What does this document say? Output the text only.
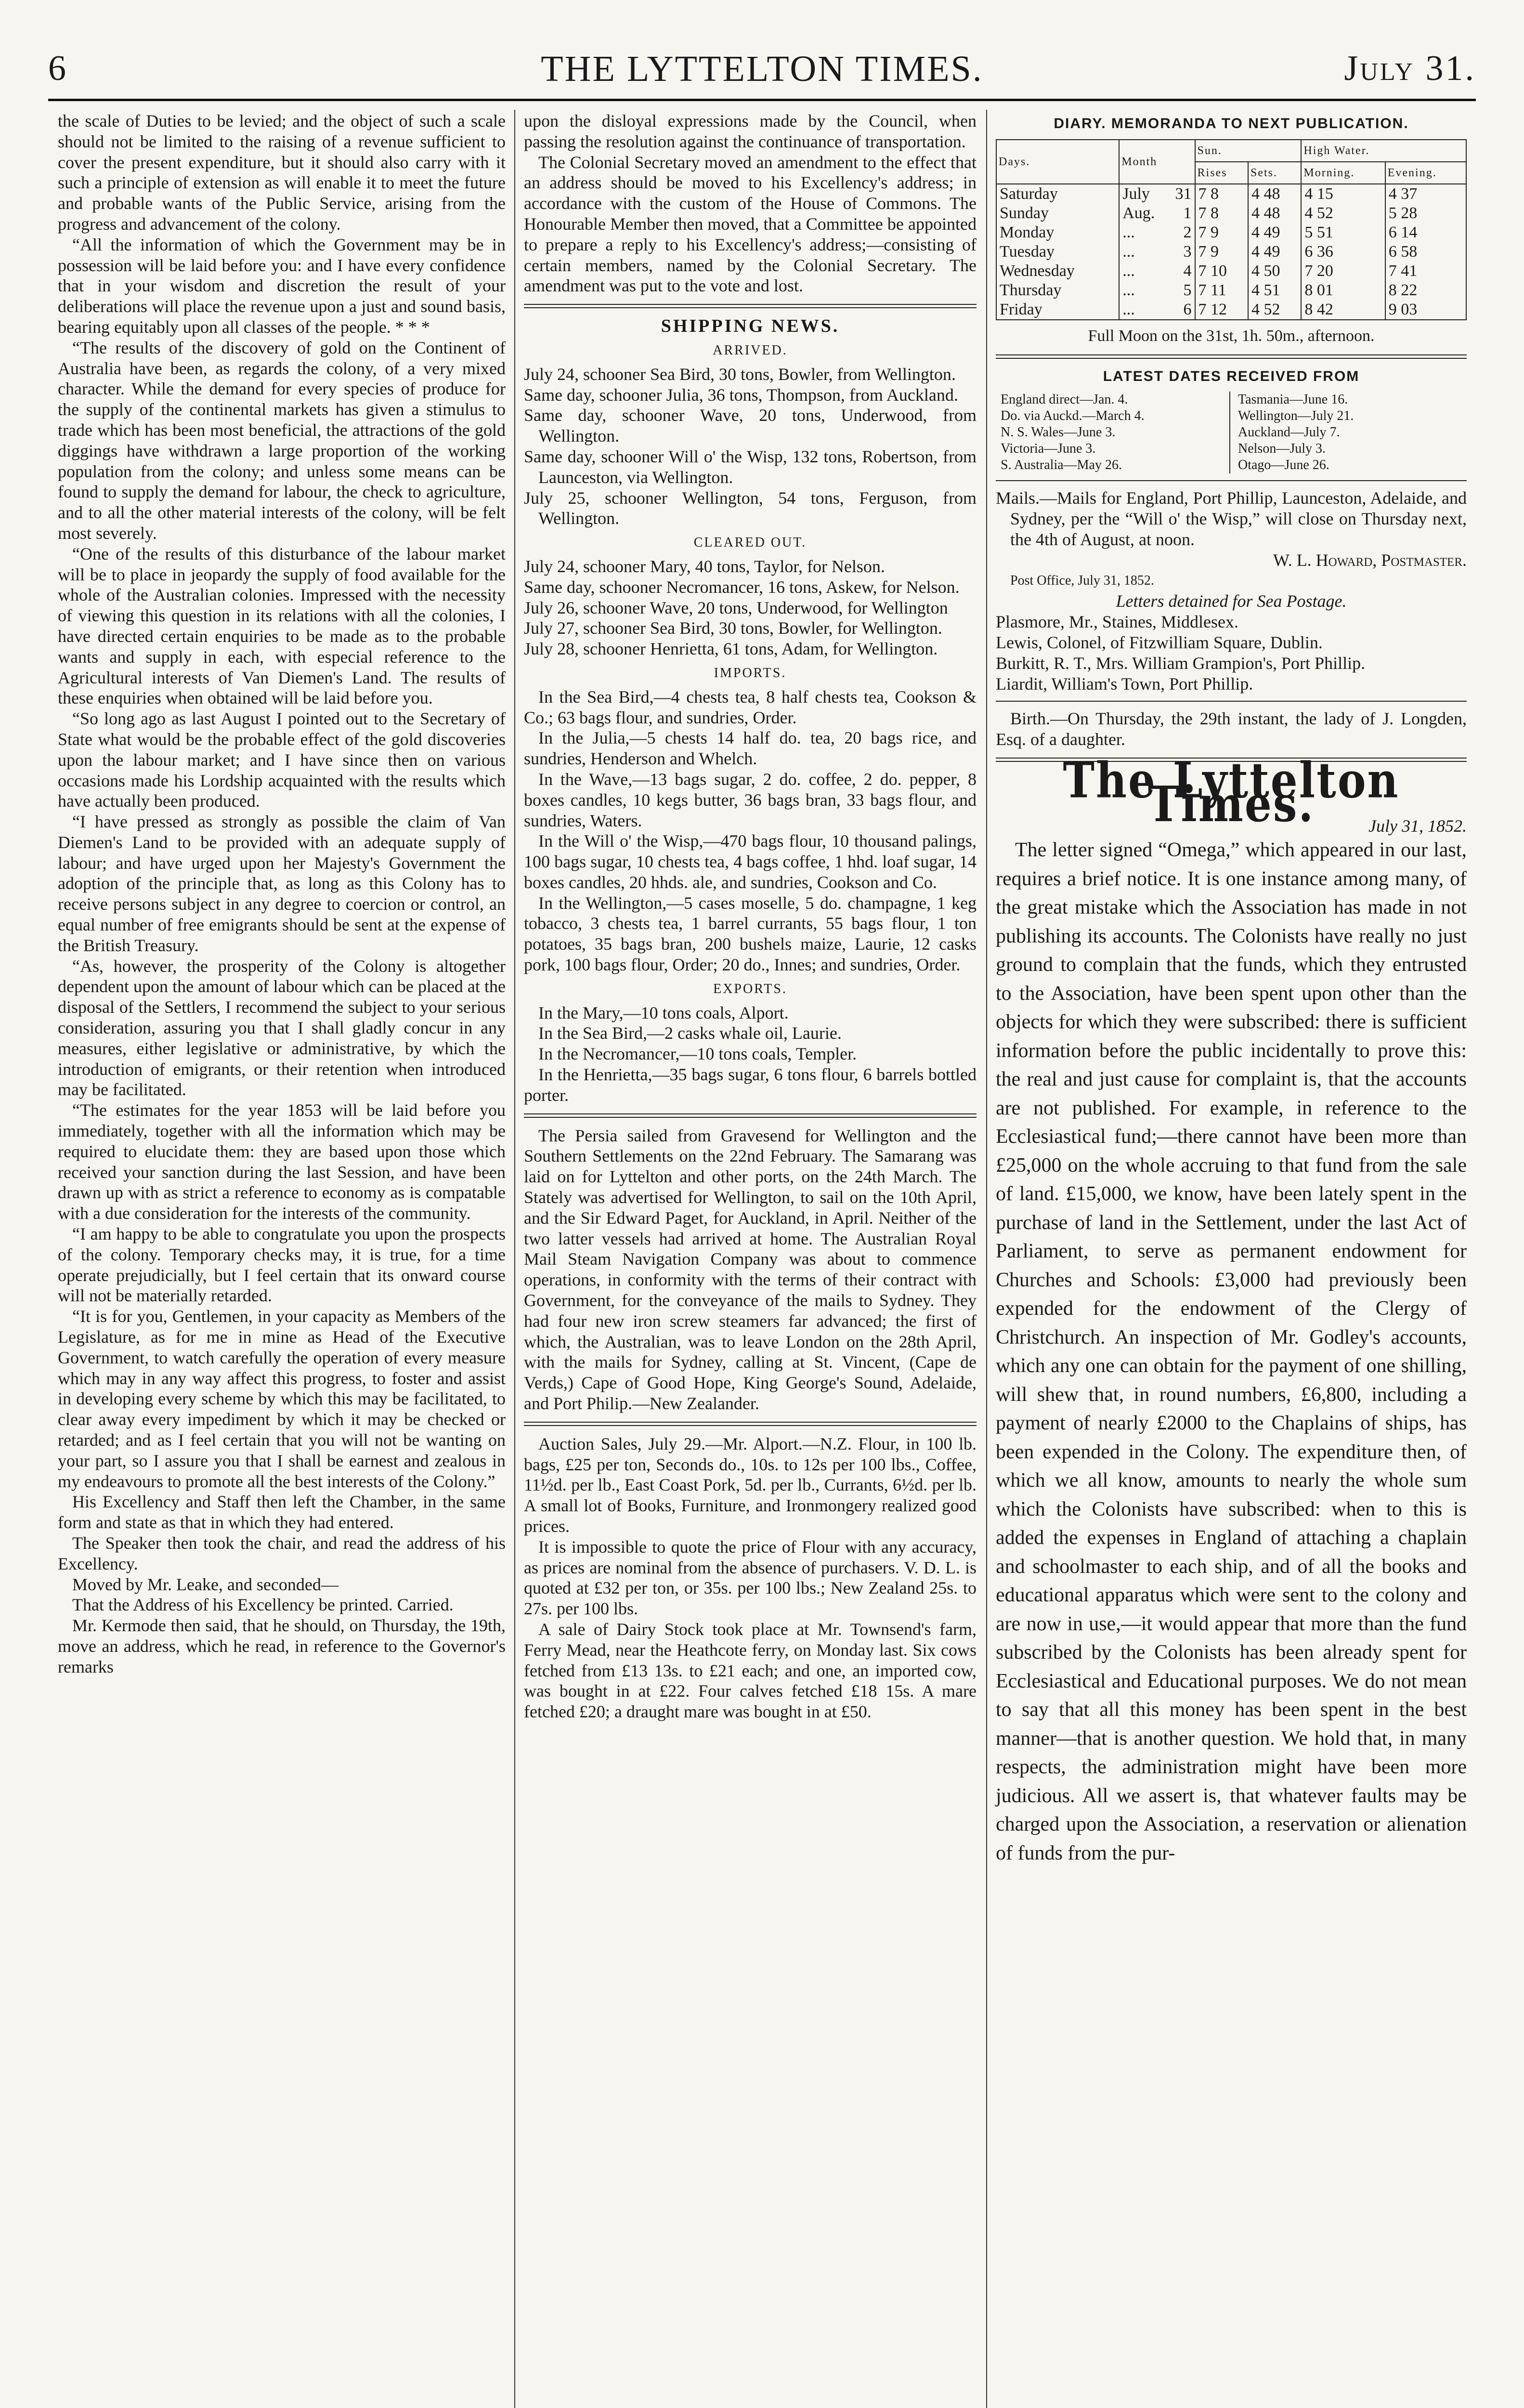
6	THE LYTTELTON TIMES.	July 31.

the scale of Duties to be levied; and the object of such a scale should not be limited to the raising of a revenue sufficient to cover the present expenditure, but it should also carry with it such a principle of extension as will enable it to meet the future and probable wants of the Public Service, arising from the progress and advancement of the colony.

“All the information of which the Government may be in possession will be laid before you: and I have every confidence that in your wisdom and discretion the result of your deliberations will place the revenue upon a just and sound basis, bearing equitably upon all classes of the people. * * *

“The results of the discovery of gold on the Continent of Australia have been, as regards the colony, of a very mixed character. While the demand for every species of produce for the supply of the continental markets has given a stimulus to trade which has been most beneficial, the attractions of the gold diggings have withdrawn a large proportion of the working population from the colony; and unless some means can be found to supply the demand for labour, the check to agriculture, and to all the other material interests of the colony, will be felt most severely.

“One of the results of this disturbance of the labour market will be to place in jeopardy the supply of food available for the whole of the Australian colonies. Impressed with the necessity of viewing this question in its relations with all the colonies, I have directed certain enquiries to be made as to the probable wants and supply in each, with especial reference to the Agricultural interests of Van Diemen's Land. The results of these enquiries when obtained will be laid before you.

“So long ago as last August I pointed out to the Secretary of State what would be the probable effect of the gold discoveries upon the labour market; and I have since then on various occasions made his Lordship acquainted with the results which have actually been produced.

“I have pressed as strongly as possible the claim of Van Diemen's Land to be provided with an adequate supply of labour; and have urged upon her Majesty's Government the adoption of the principle that, as long as this Colony has to receive persons subject in any degree to coercion or control, an equal number of free emigrants should be sent at the expense of the British Treasury.

“As, however, the prosperity of the Colony is altogether dependent upon the amount of labour which can be placed at the disposal of the Settlers, I recommend the subject to your serious consideration, assuring you that I shall gladly concur in any measures, either legislative or administrative, by which the introduction of emigrants, or their retention when introduced may be facilitated.

“The estimates for the year 1853 will be laid before you immediately, together with all the information which may be required to elucidate them: they are based upon those which received your sanction during the last Session, and have been drawn up with as strict a reference to economy as is compatable with a due consideration for the interests of the community.

“I am happy to be able to congratulate you upon the prospects of the colony. Temporary checks may, it is true, for a time operate prejudicially, but I feel certain that its onward course will not be materially retarded.

“It is for you, Gentlemen, in your capacity as Members of the Legislature, as for me in mine as Head of the Executive Government, to watch carefully the operation of every measure which may in any way affect this progress, to foster and assist in developing every scheme by which this may be facilitated, to clear away every impediment by which it may be checked or retarded; and as I feel certain that you will not be wanting on your part, so I assure you that I shall be earnest and zealous in my endeavours to promote all the best interests of the Colony.”

His Excellency and Staff then left the Chamber, in the same form and state as that in which they had entered.

The Speaker then took the chair, and read the address of his Excellency.

Moved by Mr. Leake, and seconded—

That the Address of his Excellency be printed. Carried.

Mr. Kermode then said, that he should, on Thursday, the 19th, move an address, which he read, in reference to the Governor's remarks

upon the disloyal expressions made by the Council, when passing the resolution against the continuance of transportation.

The Colonial Secretary moved an amendment to the effect that an address should be moved to his Excellency's address; in accordance with the custom of the House of Commons. The Honourable Member then moved, that a Committee be appointed to prepare a reply to his Excellency's address;—consisting of certain members, named by the Colonial Secretary. The amendment was put to the vote and lost.

SHIPPING NEWS.
ARRIVED.

July 24, schooner Sea Bird, 30 tons, Bowler, from Wellington.

Same day, schooner Julia, 36 tons, Thompson, from Auckland.

Same day, schooner Wave, 20 tons, Underwood, from Wellington.

Same day, schooner Will o' the Wisp, 132 tons, Robertson, from Launceston, via Wellington.

July 25, schooner Wellington, 54 tons, Ferguson, from Wellington.

CLEARED OUT.

July 24, schooner Mary, 40 tons, Taylor, for Nelson.

Same day, schooner Necromancer, 16 tons, Askew, for Nelson.

July 26, schooner Wave, 20 tons, Underwood, for Wellington

July 27, schooner Sea Bird, 30 tons, Bowler, for Wellington.

July 28, schooner Henrietta, 61 tons, Adam, for Wellington.

IMPORTS.

In the Sea Bird,—4 chests tea, 8 half chests tea, Cookson & Co.; 63 bags flour, and sundries, Order.

In the Julia,—5 chests 14 half do. tea, 20 bags rice, and sundries, Henderson and Whelch.

In the Wave,—13 bags sugar, 2 do. coffee, 2 do. pepper, 8 boxes candles, 10 kegs butter, 36 bags bran, 33 bags flour, and sundries, Waters.

In the Will o' the Wisp,—470 bags flour, 10 thousand palings, 100 bags sugar, 10 chests tea, 4 bags coffee, 1 hhd. loaf sugar, 14 boxes candles, 20 hhds. ale, and sundries, Cookson and Co.

In the Wellington,—5 cases moselle, 5 do. champagne, 1 keg tobacco, 3 chests tea, 1 barrel currants, 55 bags flour, 1 ton potatoes, 35 bags bran, 200 bushels maize, Laurie, 12 casks pork, 100 bags flour, Order; 20 do., Innes; and sundries, Order.

EXPORTS.

In the Mary,—10 tons coals, Alport.

In the Sea Bird,—2 casks whale oil, Laurie.

In the Necromancer,—10 tons coals, Templer.

In the Henrietta,—35 bags sugar, 6 tons flour, 6 barrels bottled porter.

The Persia sailed from Gravesend for Wellington and the Southern Settlements on the 22nd February. The Samarang was laid on for Lyttelton and other ports, on the 24th March. The Stately was advertised for Wellington, to sail on the 10th April, and the Sir Edward Paget, for Auckland, in April. Neither of the two latter vessels had arrived at home. The Australian Royal Mail Steam Navigation Company was about to commence operations, in conformity with the terms of their contract with Government, for the conveyance of the mails to Sydney. They had four new iron screw steamers far advanced; the first of which, the Australian, was to leave London on the 28th April, with the mails for Sydney, calling at St. Vincent, (Cape de Verds,) Cape of Good Hope, King George's Sound, Adelaide, and Port Philip.—New Zealander.

Auction Sales, July 29.—Mr. Alport.—N.Z. Flour, in 100 lb. bags, £25 per ton, Seconds do., 10s. to 12s per 100 lbs., Coffee, 11½d. per lb., East Coast Pork, 5d. per lb., Currants, 6½d. per lb. A small lot of Books, Furniture, and Ironmongery realized good prices.

It is impossible to quote the price of Flour with any accuracy, as prices are nominal from the absence of purchasers. V. D. L. is quoted at £32 per ton, or 35s. per 100 lbs.; New Zealand 25s. to 27s. per 100 lbs.

A sale of Dairy Stock took place at Mr. Townsend's farm, Ferry Mead, near the Heathcote ferry, on Monday last. Six cows fetched from £13 13s. to £21 each; and one, an imported cow, was bought in at £22. Four calves fetched £18 15s. A mare fetched £20; a draught mare was bought in at £50.

DIARY. MEMORANDA TO NEXT PUBLICATION.
Days.	Month	Sun.		High Water.	
		Rises	Sets.	Morning.	Evening.
Saturday	July 31	7 8	4 48	4 15	4 37
Sunday	Aug. 1	7 8	4 48	4 52	5 28
Monday	... 2	7 9	4 49	5 51	6 14
Tuesday	... 3	7 9	4 49	6 36	6 58
Wednesday	... 4	7 10	4 50	7 20	7 41
Thursday	... 5	7 11	4 51	8 01	8 22
Friday	... 6	7 12	4 52	8 42	9 03
Full Moon on the 31st, 1h. 50m., afternoon.
LATEST DATES RECEIVED FROM
England direct—Jan. 4.
Do. via Auckd.—March 4.
N. S. Wales—June 3.
Victoria—June 3.
S. Australia—May 26.
Tasmania—June 16.
Wellington—July 21.
Auckland—July 7.
Nelson—July 3.
Otago—June 26.

Mails.—Mails for England, Port Phillip, Launceston, Adelaide, and Sydney, per the “Will o' the Wisp,” will close on Thursday next, the 4th of August, at noon.

W. L. Howard, Postmaster.

Post Office, July 31, 1852.

Letters detained for Sea Postage.

Plasmore, Mr., Staines, Middlesex.

Lewis, Colonel, of Fitzwilliam Square, Dublin.

Burkitt, R. T., Mrs. William Grampion's, Port Phillip.

Liardit, William's Town, Port Phillip.

Birth.—On Thursday, the 29th instant, the lady of J. Longden, Esq. of a daughter.

The Lyttelton Times.	July 31, 1852.

The letter signed “Omega,” which appeared in our last, requires a brief notice. It is one instance among many, of the great mistake which the Association has made in not publishing its accounts. The Colonists have really no just ground to complain that the funds, which they entrusted to the Association, have been spent upon other than the objects for which they were subscribed: there is sufficient information before the public incidentally to prove this: the real and just cause for complaint is, that the accounts are not published. For example, in reference to the Ecclesiastical fund;—there cannot have been more than £25,000 on the whole accruing to that fund from the sale of land. £15,000, we know, have been lately spent in the purchase of land in the Settlement, under the last Act of Parliament, to serve as permanent endowment for Churches and Schools: £3,000 had previously been expended for the endowment of the Clergy of Christchurch. An inspection of Mr. Godley's accounts, which any one can obtain for the payment of one shilling, will shew that, in round numbers, £6,800, including a payment of nearly £2000 to the Chaplains of ships, has been expended in the Colony. The expenditure then, of which we all know, amounts to nearly the whole sum which the Colonists have subscribed: when to this is added the expenses in England of attaching a chaplain and schoolmaster to each ship, and of all the books and educational apparatus which were sent to the colony and are now in use,—it would appear that more than the fund subscribed by the Colonists has been already spent for Ecclesiastical and Educational purposes. We do not mean to say that all this money has been spent in the best manner—that is another question. We hold that, in many respects, the administration might have been more judicious. All we assert is, that whatever faults may be charged upon the Association, a reservation or alienation of funds from the pur-
